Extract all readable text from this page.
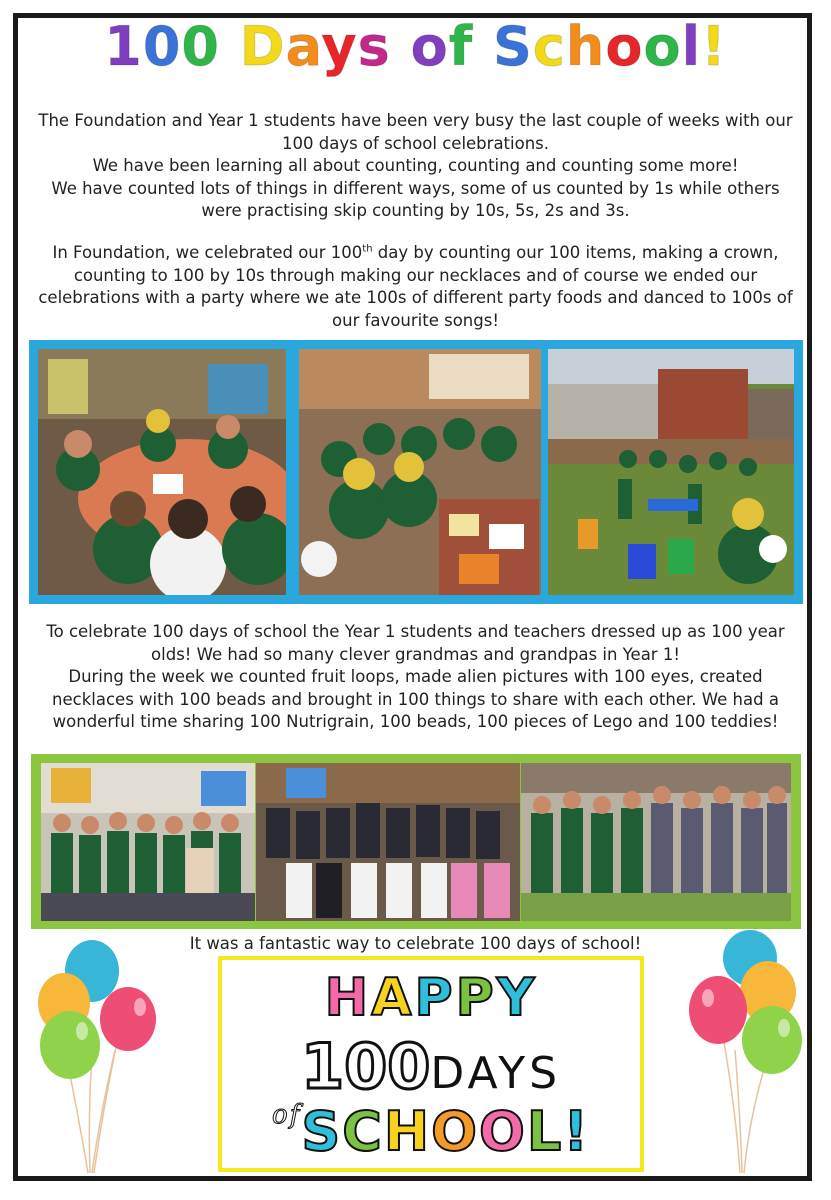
100 Days of School!

The Foundation and Year 1 students have been very busy the last couple of weeks with our 100 days of school celebrations.

We have been learning all about counting, counting and counting some more!

We have counted lots of things in different ways, some of us counted by 1s while others were practising skip counting by 10s, 5s, 2s and 3s.

In Foundation, we celebrated our 100th day by counting our 100 items, making a crown, counting to 100 by 10s through making our necklaces and of course we ended our celebrations with a party where we ate 100s of different party foods and danced to 100s of our favourite songs!

To celebrate 100 days of school the Year 1 students and teachers dressed up as 100 year olds! We had so many clever grandmas and grandpas in Year 1!

During the week we counted fruit loops, made alien pictures with 100 eyes, created necklaces with 100 beads and brought in 100 things to share with each other. We had a wonderful time sharing 100 Nutrigrain, 100 beads, 100 pieces of Lego and 100 teddies!

It was a fantastic way to celebrate 100 days of school!

HAPPY
100DAYS
$^{of}$SCHOOL!
